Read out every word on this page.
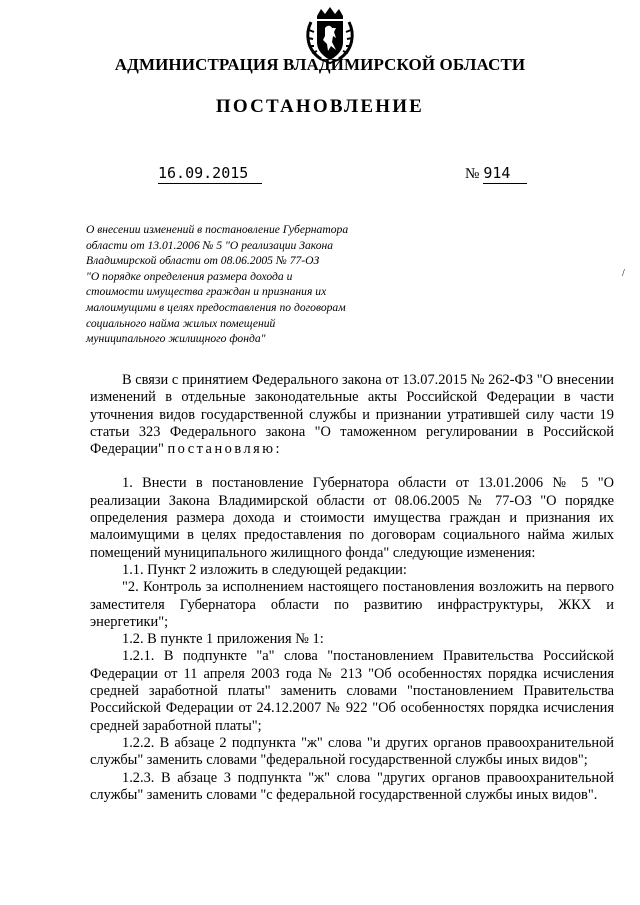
АДМИНИСТРАЦИЯ ВЛАДИМИРСКОЙ ОБЛАСТИ
ПОСТАНОВЛЕНИЕ
16.09.2015	№ 914
О внесении изменений в постановление Губернатора
области от 13.01.2006 № 5 "О реализации Закона
Владимирской области от 08.06.2005 № 77-ОЗ
"О порядке определения размера дохода и
стоимости имущества граждан и признания их
малоимущими в целях предоставления по договорам
социального найма жилых помещений
муниципального жилищного фонда"
/

В связи с принятием Федерального закона от 13.07.2015 № 262-ФЗ "О внесении изменений в отдельные законодательные акты Российской Федерации в части уточнения видов государственной службы и признании утратившей силу части 19 статьи 323 Федерального закона "О таможенном регулировании в Российской Федерации" постановляю:

1. Внести в постановление Губернатора области от 13.01.2006 № 5 "О реализации Закона Владимирской области от 08.06.2005 № 77-ОЗ "О порядке определения размера дохода и стоимости имущества граждан и признания их малоимущими в целях предоставления по договорам социального найма жилых помещений муниципального жилищного фонда" следующие изменения:

1.1. Пункт 2 изложить в следующей редакции:

"2. Контроль за исполнением настоящего постановления возложить на первого заместителя Губернатора области по развитию инфраструктуры, ЖКХ и энергетики";

1.2. В пункте 1 приложения № 1:

1.2.1. В подпункте "а" слова "постановлением Правительства Российской Федерации от 11 апреля 2003 года № 213 "Об особенностях порядка исчисления средней заработной платы" заменить словами "постановлением Правительства Российской Федерации от 24.12.2007 № 922 "Об особенностях порядка исчисления средней заработной платы";

1.2.2. В абзаце 2 подпункта "ж" слова "и других органов правоохранительной службы" заменить словами "федеральной государственной службы иных видов";

1.2.3. В абзаце 3 подпункта "ж" слова "других органов правоохранительной службы" заменить словами "с федеральной государственной службы иных видов".
